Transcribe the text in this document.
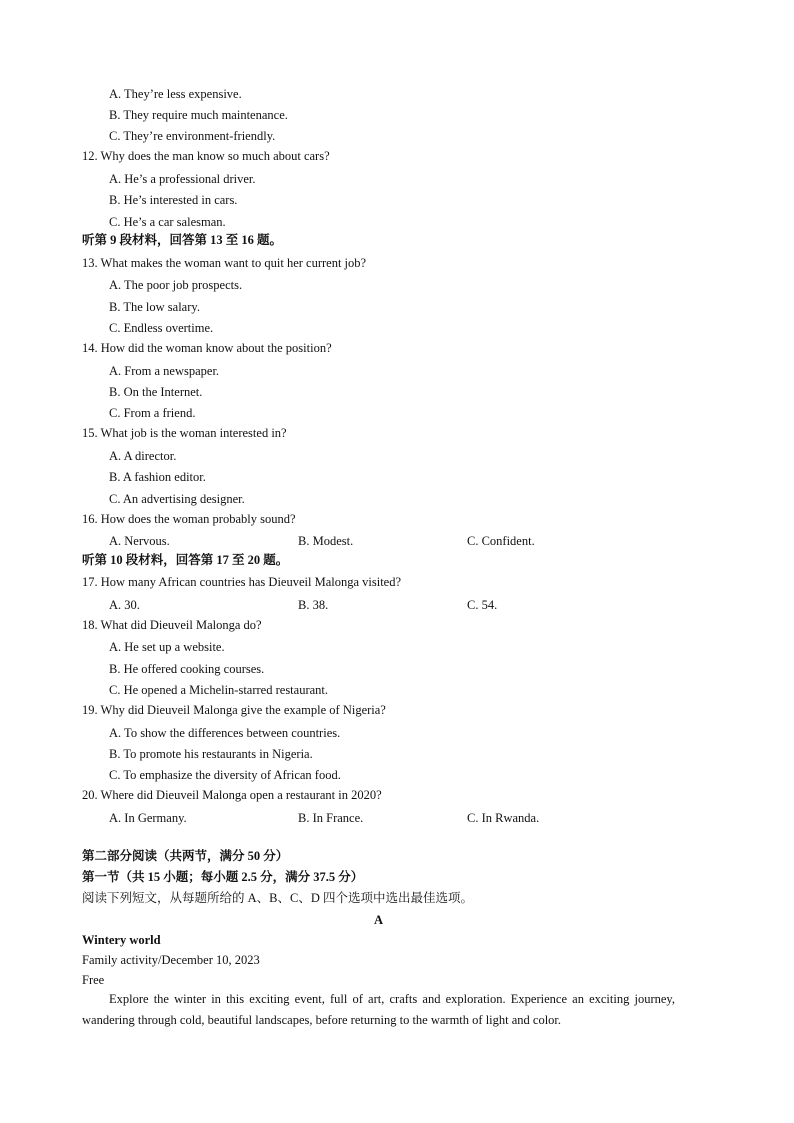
A. They’re less expensive.
B. They require much maintenance.
C. They’re environment-friendly.
12. Why does the man know so much about cars?
A. He’s a professional driver.
B. He’s interested in cars.
C. He’s a car salesman.
听第 9 段材料，回答第 13 至 16 题。
13. What makes the woman want to quit her current job?
A. The poor job prospects.
B. The low salary.
C. Endless overtime.
14. How did the woman know about the position?
A. From a newspaper.
B. On the Internet.
C. From a friend.
15. What job is the woman interested in?
A. A director.
B. A fashion editor.
C. An advertising designer.
16. How does the woman probably sound?
A. Nervous.	B. Modest.	C. Confident.
听第 10 段材料，回答第 17 至 20 题。
17. How many African countries has Dieuveil Malonga visited?
A. 30.	B. 38.	C. 54.
18. What did Dieuveil Malonga do?
A. He set up a website.
B. He offered cooking courses.
C. He opened a Michelin-starred restaurant.
19. Why did Dieuveil Malonga give the example of Nigeria?
A. To show the differences between countries.
B. To promote his restaurants in Nigeria.
C. To emphasize the diversity of African food.
20. Where did Dieuveil Malonga open a restaurant in 2020?
A. In Germany.	B. In France.	C. In Rwanda.
第二部分阅读（共两节，满分 50 分）
第一节（共 15 小题；每小题 2.5 分，满分 37.5 分）
阅读下列短文，从每题所给的 A、B、C、D 四个选项中选出最佳选项。
A
Wintery world
Family activity/December 10, 2023
Free
Explore the winter in this exciting event, full of art, crafts and exploration. Experience an exciting journey, wandering through cold, beautiful landscapes, before returning to the warmth of light and color.
